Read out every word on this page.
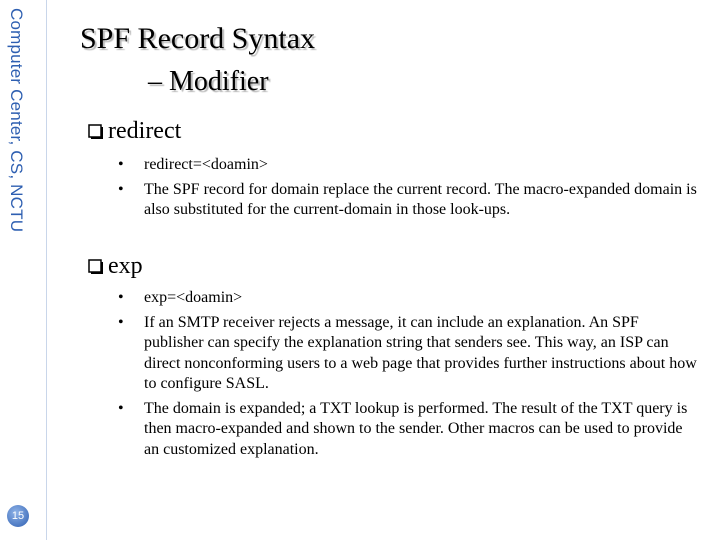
Computer Center, CS, NCTU
15
SPF Record Syntax
– Modifier
redirect
• redirect=<doamin>
• The SPF record for domain replace the current record. The macro-expanded domain is also substituted for the current-domain in those look-ups.
exp
• exp=<doamin>
• If an SMTP receiver rejects a message, it can include an explanation. An SPF publisher can specify the explanation string that senders see. This way, an ISP can direct nonconforming users to a web page that provides further instructions about how to configure SASL.
• The domain is expanded; a TXT lookup is performed. The result of the TXT query is then macro-expanded and shown to the sender. Other macros can be used to provide an customized explanation.
